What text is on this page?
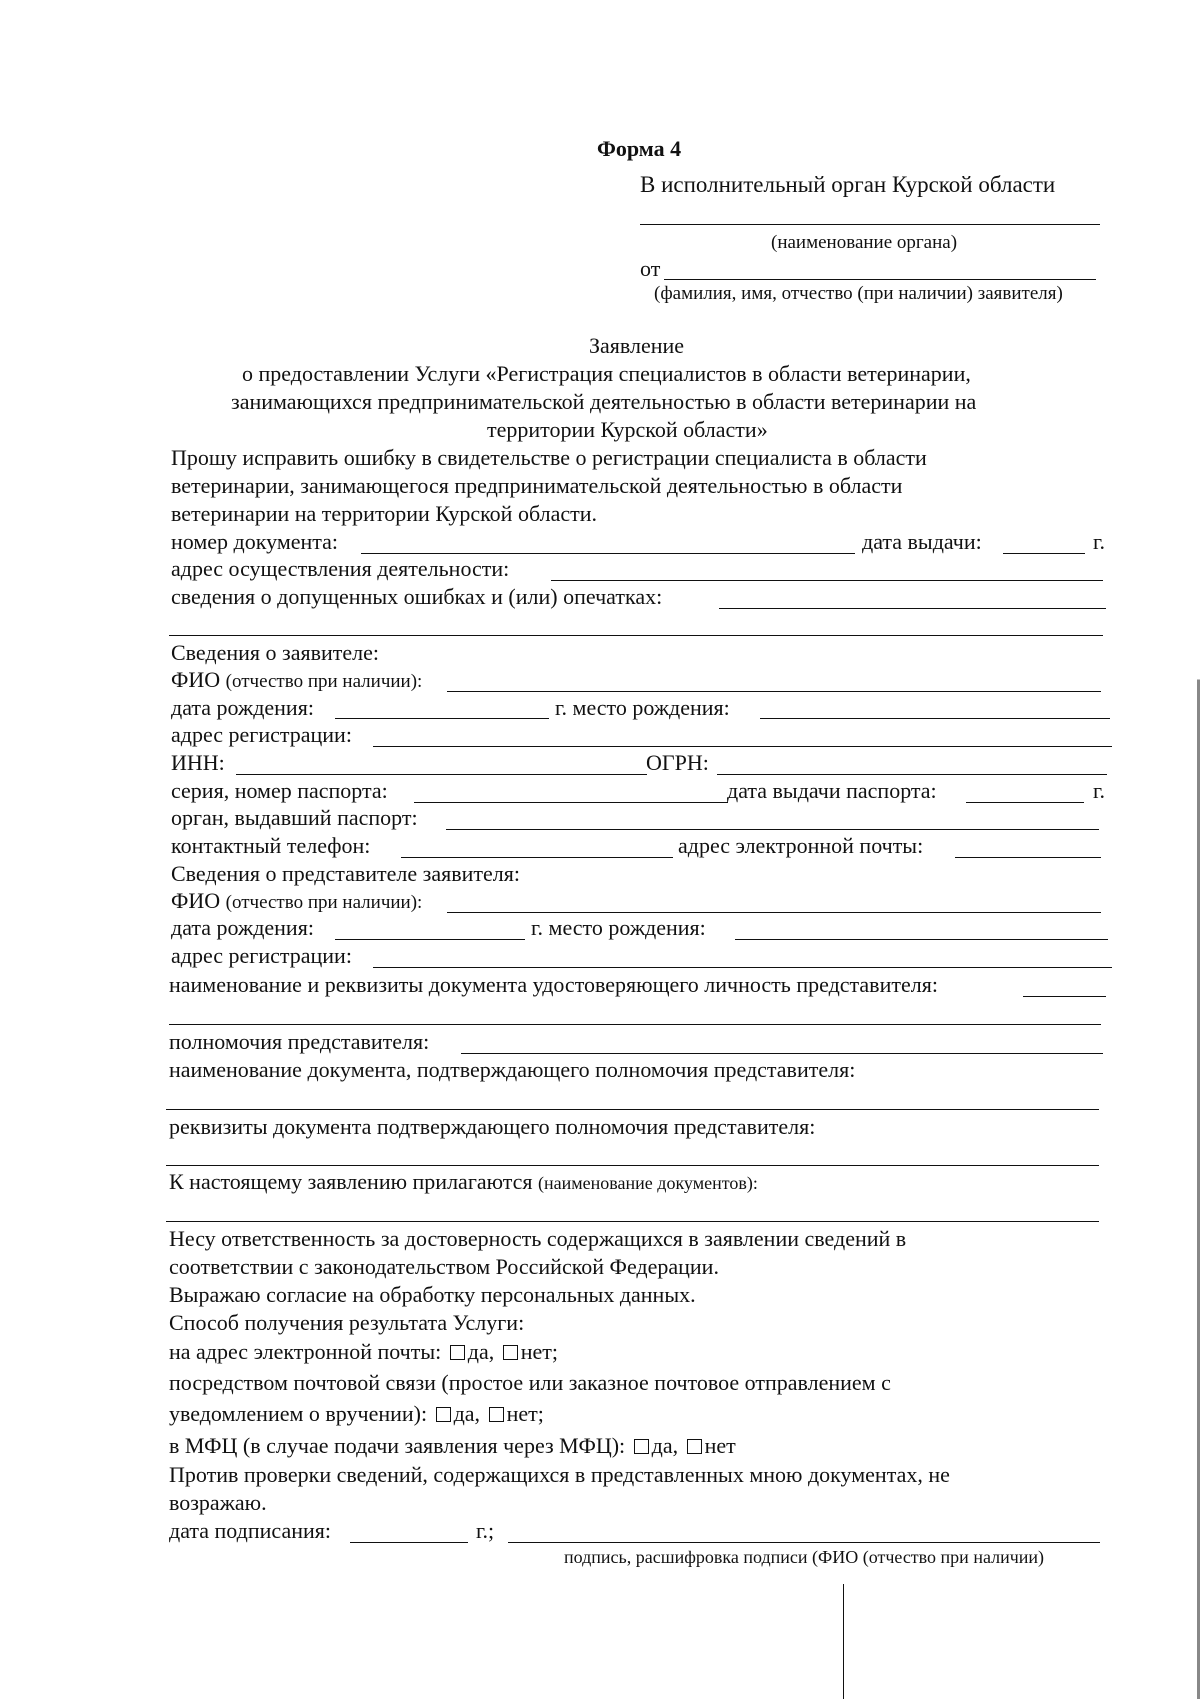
Форма 4
В исполнительный орган Курской области
(наименование органа)
от
(фамилия, имя, отчество (при наличии) заявителя)
Заявление
о предоставлении Услуги «Регистрация специалистов в области ветеринарии,
занимающихся предпринимательской деятельностью в области ветеринарии на
территории Курской области»
Прошу исправить ошибку в свидетельстве о регистрации специалиста в области
ветеринарии, занимающегося предпринимательской деятельностью в области
ветеринарии на территории Курской области.
номер документа:	дата выдачи:	г.
адрес осуществления деятельности:
сведения о допущенных ошибках и (или) опечатках:
Сведения о заявителе:
ФИО (отчество при наличии):
дата рождения:	г. место рождения:
адрес регистрации:
ИНН:	ОГРН:
серия, номер паспорта:	дата выдачи паспорта:	г.
орган, выдавший паспорт:
контактный телефон:	адрес электронной почты:
Сведения о представителе заявителя:
ФИО (отчество при наличии):
дата рождения:	г. место рождения:
адрес регистрации:
наименование и реквизиты документа удостоверяющего личность представителя:
полномочия представителя:
наименование документа, подтверждающего полномочия представителя:
реквизиты документа подтверждающего полномочия представителя:
К настоящему заявлению прилагаются (наименование документов):
Несу ответственность за достоверность содержащихся в заявлении сведений в
соответствии с законодательством Российской Федерации.
Выражаю согласие на обработку персональных данных.
Способ получения результата Услуги:
на адрес электронной почты: да, нет;
посредством почтовой связи (простое или заказное почтовое отправлением с
уведомлением о вручении): да, нет;
в МФЦ (в случае подачи заявления через МФЦ): да, нет
Против проверки сведений, содержащихся в представленных мною документах, не
возражаю.
дата подписания:	г.;
подпись, расшифровка подписи (ФИО (отчество при наличии)
